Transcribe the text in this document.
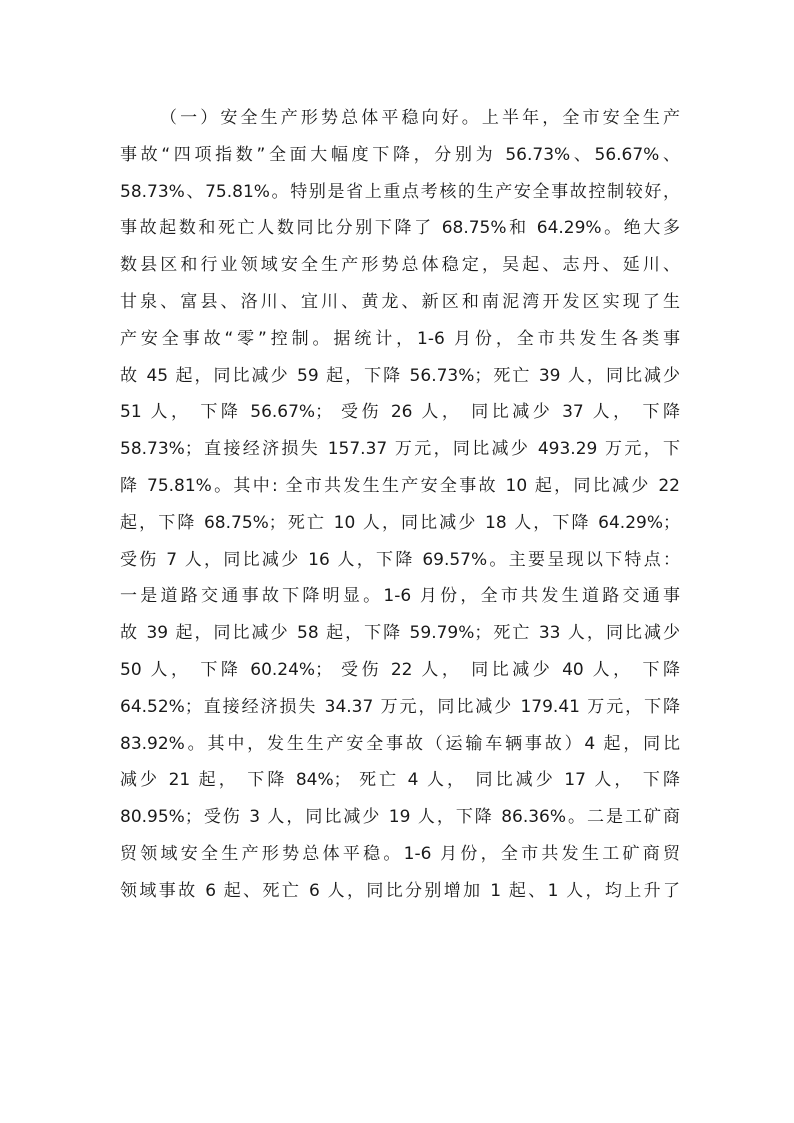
（一）安全生产形势总体平稳向好。上半年，全市安全生产
事故“四项指数”全面大幅度下降，分别为 56.73%、56.67%、
58.73%、75.81%。特别是省上重点考核的生产安全事故控制较好，
事故起数和死亡人数同比分别下降了 68.75%和 64.29%。绝大多
数县区和行业领域安全生产形势总体稳定，吴起、志丹、延川、
甘泉、富县、洛川、宜川、黄龙、新区和南泥湾开发区实现了生
产安全事故“零”控制。据统计，1-6 月份，全市共发生各类事
故 45 起，同比减少 59 起，下降 56.73%；死亡 39 人，同比减少
51 人， 下降 56.67%； 受伤 26 人， 同比减少 37 人， 下降
58.73%；直接经济损失 157.37 万元，同比减少 493.29 万元，下
降 75.81%。其中: 全市共发生生产安全事故 10 起，同比减少 22
起，下降 68.75%；死亡 10 人，同比减少 18 人，下降 64.29%；
受伤 7 人，同比减少 16 人，下降 69.57%。主要呈现以下特点：
一是道路交通事故下降明显。1-6 月份，全市共发生道路交通事
故 39 起，同比减少 58 起，下降 59.79%；死亡 33 人，同比减少
50 人， 下降 60.24%； 受伤 22 人， 同比减少 40 人， 下降
64.52%；直接经济损失 34.37 万元，同比减少 179.41 万元，下降
83.92%。其中，发生生产安全事故（运输车辆事故）4 起，同比
减少 21 起， 下降 84%； 死亡 4 人， 同比减少 17 人， 下降
80.95%；受伤 3 人，同比减少 19 人，下降 86.36%。二是工矿商
贸领域安全生产形势总体平稳。1-6 月份，全市共发生工矿商贸
领域事故 6 起、死亡 6 人，同比分别增加 1 起、1 人，均上升了
